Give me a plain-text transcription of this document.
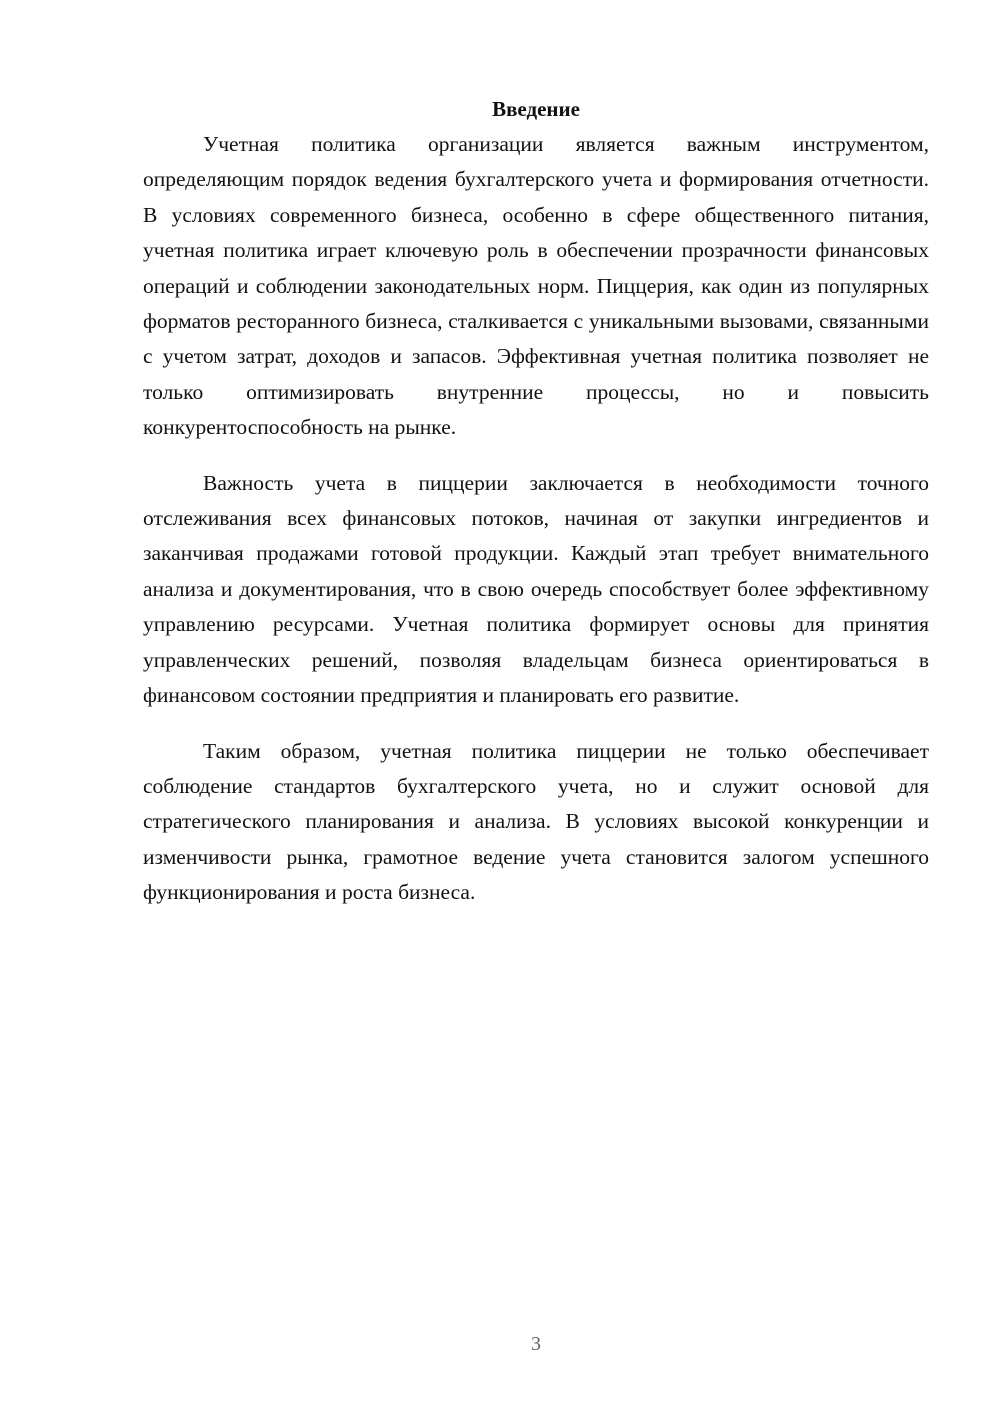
Введение

Учетная политика организации является важным инструментом, определяющим порядок ведения бухгалтерского учета и формирования отчетности. В условиях современного бизнеса, особенно в сфере общественного питания, учетная политика играет ключевую роль в обеспечении прозрачности финансовых операций и соблюдении законодательных норм. Пиццерия, как один из популярных форматов ресторанного бизнеса, сталкивается с уникальными вызовами, связанными с учетом затрат, доходов и запасов. Эффективная учетная политика позволяет не только оптимизировать внутренние процессы, но и повысить конкурентоспособность на рынке.

Важность учета в пиццерии заключается в необходимости точного отслеживания всех финансовых потоков, начиная от закупки ингредиентов и заканчивая продажами готовой продукции. Каждый этап требует внимательного анализа и документирования, что в свою очередь способствует более эффективному управлению ресурсами. Учетная политика формирует основы для принятия управленческих решений, позволяя владельцам бизнеса ориентироваться в финансовом состоянии предприятия и планировать его развитие.

Таким образом, учетная политика пиццерии не только обеспечивает соблюдение стандартов бухгалтерского учета, но и служит основой для стратегического планирования и анализа. В условиях высокой конкуренции и изменчивости рынка, грамотное ведение учета становится залогом успешного функционирования и роста бизнеса.

3
